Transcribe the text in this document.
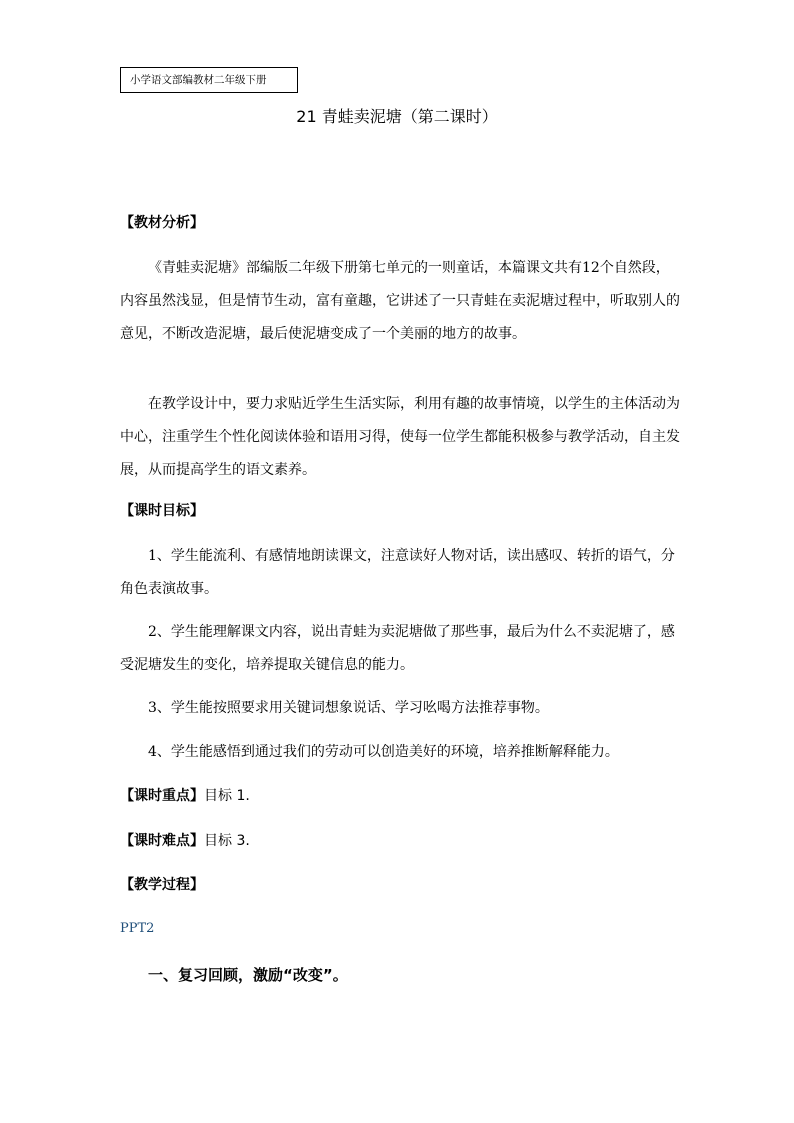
小学语文部编教材二年级下册
21 青蛙卖泥塘（第二课时）
【教材分析】

《青蛙卖泥塘》部编版二年级下册第七单元的一则童话，本篇课文共有12个自然段，内容虽然浅显，但是情节生动，富有童趣，它讲述了一只青蛙在卖泥塘过程中，听取别人的意见，不断改造泥塘，最后使泥塘变成了一个美丽的地方的故事。

在教学设计中，要力求贴近学生生活实际，利用有趣的故事情境，以学生的主体活动为中心，注重学生个性化阅读体验和语用习得，使每一位学生都能积极参与教学活动，自主发展，从而提高学生的语文素养。

【课时目标】

1、学生能流利、有感情地朗读课文，注意读好人物对话，读出感叹、转折的语气，分角色表演故事。

2、学生能理解课文内容，说出青蛙为卖泥塘做了那些事，最后为什么不卖泥塘了，感受泥塘发生的变化，培养提取关键信息的能力。

3、学生能按照要求用关键词想象说话、学习吆喝方法推荐事物。

4、学生能感悟到通过我们的劳动可以创造美好的环境，培养推断解释能力。

【课时重点】目标 1.
【课时难点】目标 3.
【教学过程】
PPT2
一、复习回顾，激励“改变”。
